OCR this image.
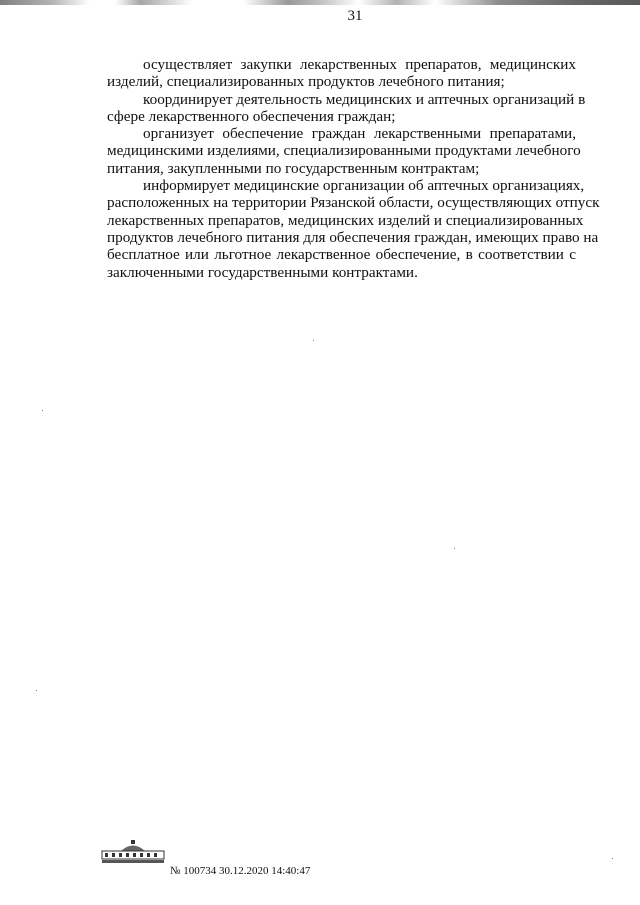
31
осуществляет закупки лекарственных препаратов, медицинских
изделий, специализированных продуктов лечебного питания;
координирует деятельность медицинских и аптечных организаций в
сфере лекарственного обеспечения граждан;
организует обеспечение граждан лекарственными препаратами,
медицинскими изделиями, специализированными продуктами лечебного
питания, закупленными по государственным контрактам;
информирует медицинские организации об аптечных организациях,
расположенных на территории Рязанской области, осуществляющих отпуск
лекарственных препаратов, медицинских изделий и специализированных
продуктов лечебного питания для обеспечения граждан, имеющих право на
бесплатное или льготное лекарственное обеспечение, в соответствии с
заключенными государственными контрактами.
№ 100734 30.12.2020 14:40:47
